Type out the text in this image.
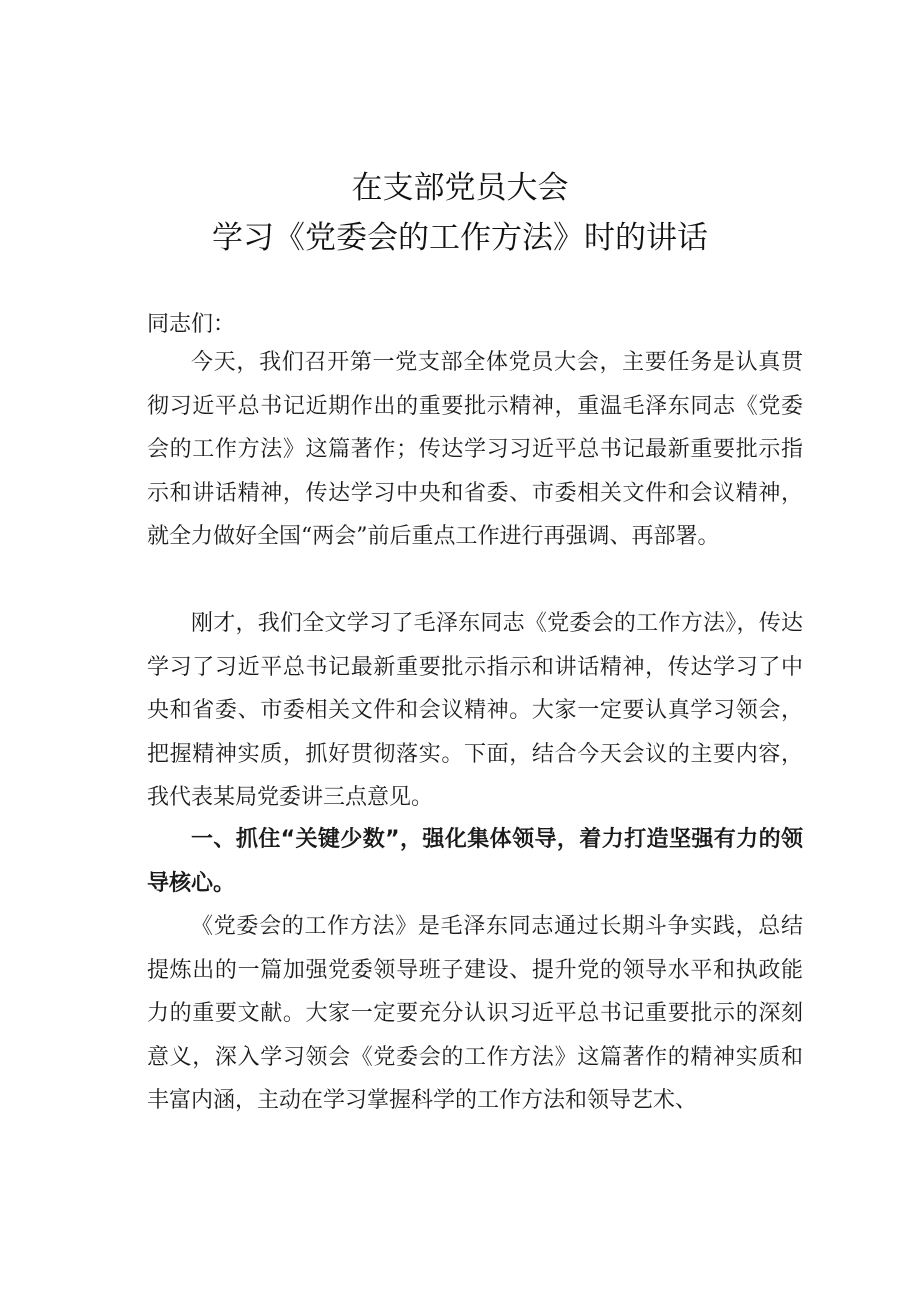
在支部党员大会
学习《党委会的工作方法》时的讲话

同志们：

今天，我们召开第一党支部全体党员大会，主要任务是认真贯彻习近平总书记近期作出的重要批示精神，重温毛泽东同志《党委会的工作方法》这篇著作；传达学习习近平总书记最新重要批示指示和讲话精神，传达学习中央和省委、市委相关文件和会议精神，就全力做好全国“两会”前后重点工作进行再强调、再部署。

刚才，我们全文学习了毛泽东同志《党委会的工作方法》，传达学习了习近平总书记最新重要批示指示和讲话精神，传达学习了中央和省委、市委相关文件和会议精神。大家一定要认真学习领会，把握精神实质，抓好贯彻落实。下面，结合今天会议的主要内容，我代表某局党委讲三点意见。

一、抓住“关键少数”，强化集体领导，着力打造坚强有力的领导核心。

《党委会的工作方法》是毛泽东同志通过长期斗争实践，总结提炼出的一篇加强党委领导班子建设、提升党的领导水平和执政能力的重要文献。大家一定要充分认识习近平总书记重要批示的深刻意义，深入学习领会《党委会的工作方法》这篇著作的精神实质和丰富内涵，主动在学习掌握科学的工作方法和领导艺术、
